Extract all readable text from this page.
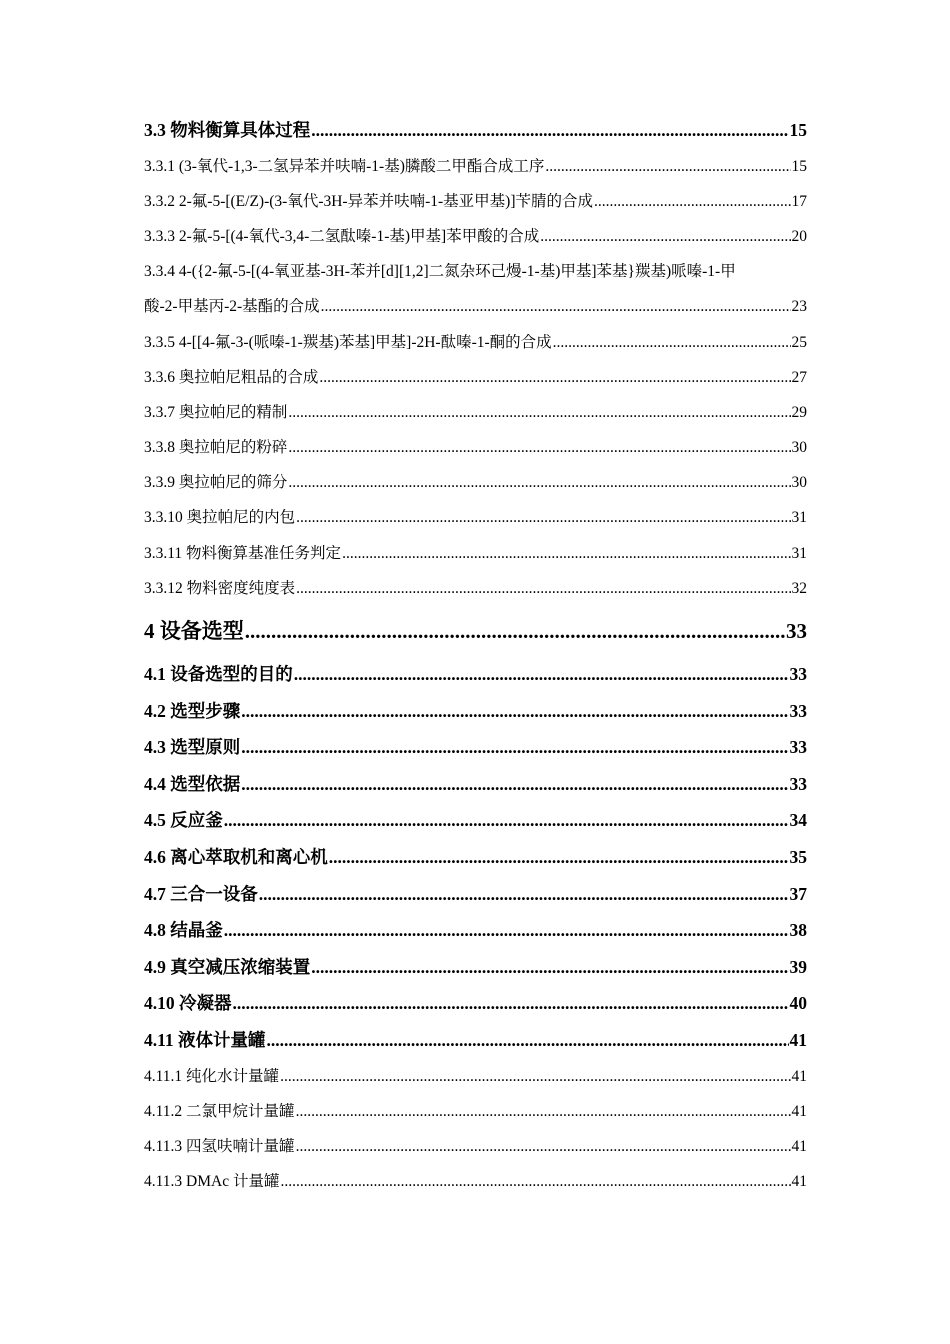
3.3 物料衡算具体过程 .....	15
3.3.1 (3-氧代-1,3-二氢异苯并呋喃-1-基)膦酸二甲酯合成工序 .....	15
3.3.2 2-氟-5-[(E/Z)-(3-氧代-3H-异苯并呋喃-1-基亚甲基)]苄腈的合成 .....	17
3.3.3 2-氟-5-[(4-氧代-3,4-二氢酞嗪-1-基)甲基]苯甲酸的合成 .....	20
3.3.4 4-({2-氟-5-[(4-氧亚基-3H-苯并[d][1,2]二氮杂环己熳-1-基)甲基]苯基}羰基)哌嗪-1-甲
酸-2-甲基丙-2-基酯的合成 .....	23
3.3.5 4-[[4-氟-3-(哌嗪-1-羰基)苯基]甲基]-2H-酞嗪-1-酮的合成 .....	25
3.3.6 奥拉帕尼粗品的合成 .....	27
3.3.7 奥拉帕尼的精制 .....	29
3.3.8 奥拉帕尼的粉碎 .....	30
3.3.9 奥拉帕尼的筛分 .....	30
3.3.10 奥拉帕尼的内包 .....	31
3.3.11 物料衡算基准任务判定 .....	31
3.3.12 物料密度纯度表 .....	32
4 设备选型 .....	33
4.1 设备选型的目的 .....	33
4.2 选型步骤 .....	33
4.3 选型原则 .....	33
4.4 选型依据 .....	33
4.5 反应釜 .....	34
4.6 离心萃取机和离心机 .....	35
4.7 三合一设备 .....	37
4.8 结晶釜 .....	38
4.9 真空减压浓缩装置 .....	39
4.10 冷凝器 .....	40
4.11 液体计量罐 .....	41
4.11.1 纯化水计量罐 .....	41
4.11.2 二氯甲烷计量罐 .....	41
4.11.3 四氢呋喃计量罐 .....	41
4.11.3 DMAc 计量罐 .....	41
